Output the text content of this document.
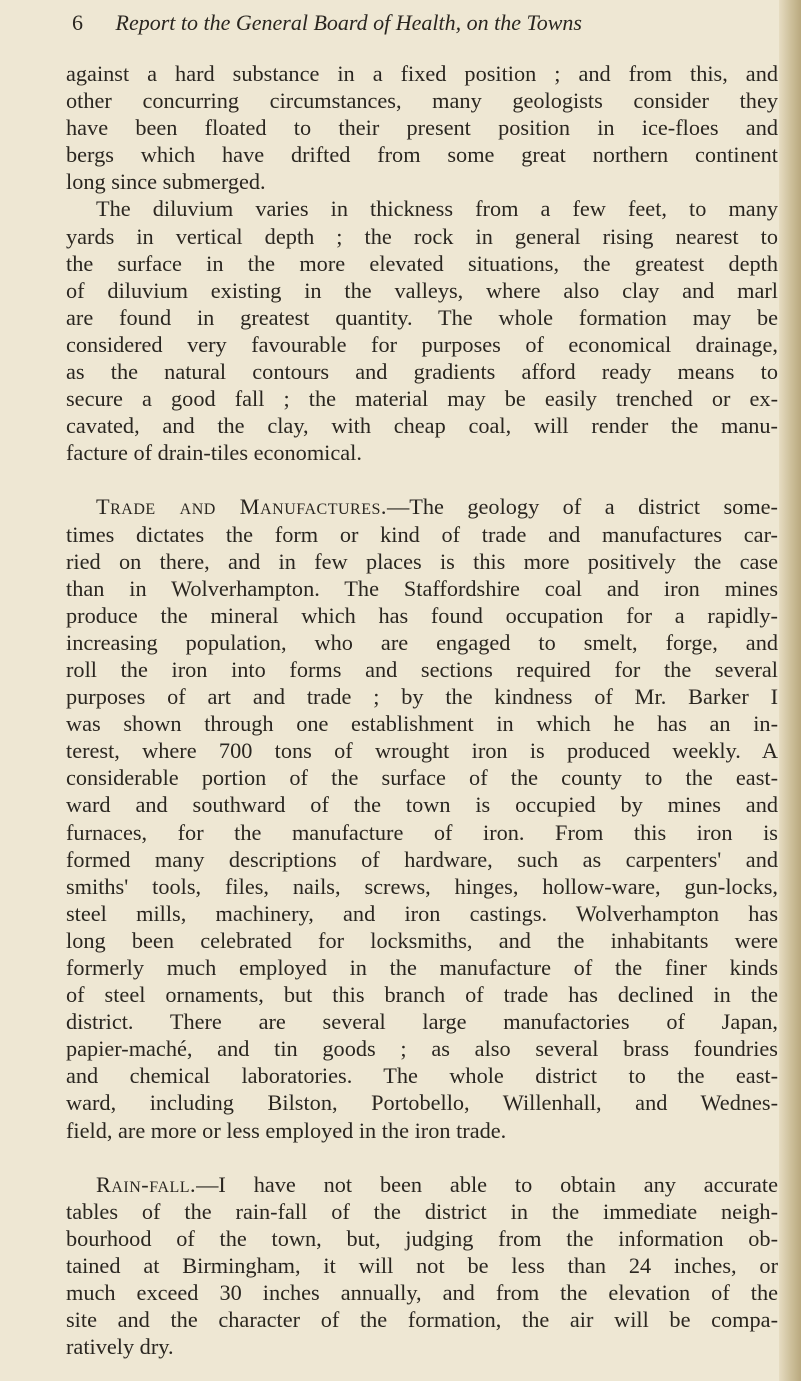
6 Report to the General Board of Health, on the Towns
against a hard substance in a fixed position ; and from this, and
other concurring circumstances, many geologists consider they
have been floated to their present position in ice-floes and
bergs which have drifted from some great northern continent
long since submerged.
The diluvium varies in thickness from a few feet, to many
yards in vertical depth ; the rock in general rising nearest to
the surface in the more elevated situations, the greatest depth
of diluvium existing in the valleys, where also clay and marl
are found in greatest quantity. The whole formation may be
considered very favourable for purposes of economical drainage,
as the natural contours and gradients afford ready means to
secure a good fall ; the material may be easily trenched or ex-
cavated, and the clay, with cheap coal, will render the manu-
facture of drain-tiles economical.
Trade and Manufactures.—The geology of a district some-
times dictates the form or kind of trade and manufactures car-
ried on there, and in few places is this more positively the case
than in Wolverhampton. The Staffordshire coal and iron mines
produce the mineral which has found occupation for a rapidly-
increasing population, who are engaged to smelt, forge, and
roll the iron into forms and sections required for the several
purposes of art and trade ; by the kindness of Mr. Barker I
was shown through one establishment in which he has an in-
terest, where 700 tons of wrought iron is produced weekly. A
considerable portion of the surface of the county to the east-
ward and southward of the town is occupied by mines and
furnaces, for the manufacture of iron. From this iron is
formed many descriptions of hardware, such as carpenters' and
smiths' tools, files, nails, screws, hinges, hollow-ware, gun-locks,
steel mills, machinery, and iron castings. Wolverhampton has
long been celebrated for locksmiths, and the inhabitants were
formerly much employed in the manufacture of the finer kinds
of steel ornaments, but this branch of trade has declined in the
district. There are several large manufactories of Japan,
papier-maché, and tin goods ; as also several brass foundries
and chemical laboratories. The whole district to the east-
ward, including Bilston, Portobello, Willenhall, and Wednes-
field, are more or less employed in the iron trade.
Rain-fall.—I have not been able to obtain any accurate
tables of the rain-fall of the district in the immediate neigh-
bourhood of the town, but, judging from the information ob-
tained at Birmingham, it will not be less than 24 inches, or
much exceed 30 inches annually, and from the elevation of the
site and the character of the formation, the air will be compa-
ratively dry.
